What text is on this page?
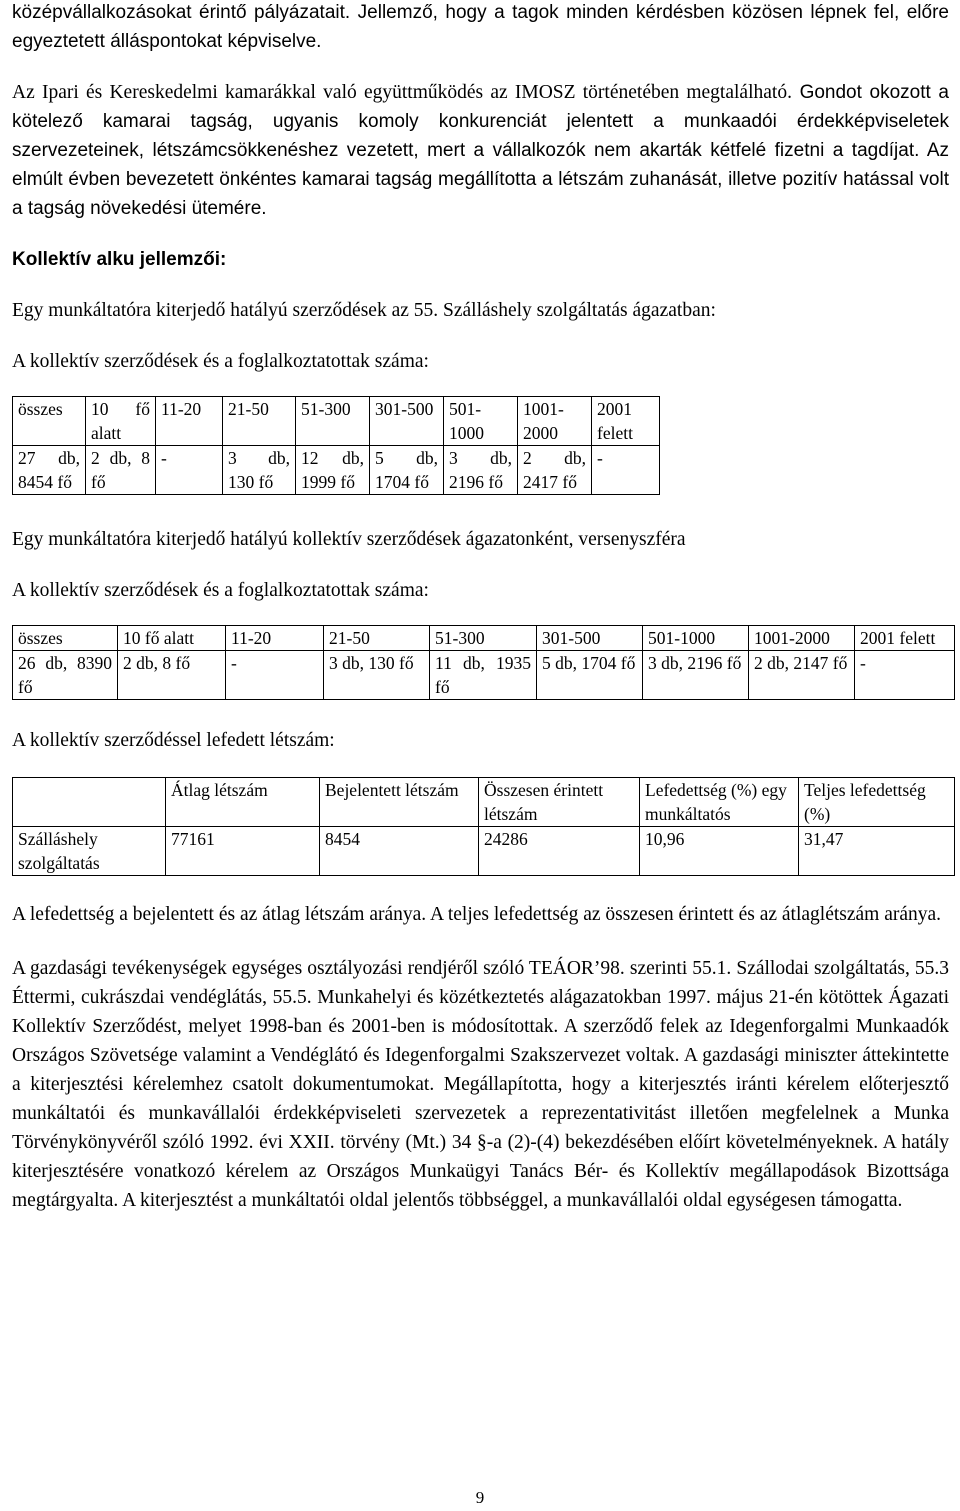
középvállalkozásokat érintő pályázatait. Jellemző, hogy a tagok minden kérdésben közösen lépnek fel, előre egyeztetett álláspontokat képviselve.

Az Ipari és Kereskedelmi kamarákkal való együttműködés az IMOSZ történetében megtalálható. Gondot okozott a kötelező kamarai tagság, ugyanis komoly konkurenciát jelentett a munkaadói érdekképviseletek szervezeteinek, létszámcsökkenéshez vezetett, mert a vállalkozók nem akarták kétfelé fizetni a tagdíjat. Az elmúlt évben bevezetett önkéntes kamarai tagság megállította a létszám zuhanását, illetve pozitív hatással volt a tagság növekedési ütemére.

Kollektív alku jellemzői:

Egy munkáltatóra kiterjedő hatályú szerződések az 55. Szálláshely szolgáltatás ágazatban:

A kollektív szerződések és a foglalkoztatottak száma:

összes	10 fő alatt	11-20	21-50	51-300	301-500	501-1000	1001-2000	2001 felett
27 db, 8454 fő	2 db, 8 fő	-	3 db, 130 fő	12 db, 1999 fő	5 db, 1704 fő	3 db, 2196 fő	2 db, 2417 fő	-

Egy munkáltatóra kiterjedő hatályú kollektív szerződések ágazatonként, versenyszféra

A kollektív szerződések és a foglalkoztatottak száma:

összes	10 fő alatt	11-20	21-50	51-300	301-500	501-1000	1001-2000	2001 felett
26 db, 8390 fő	2 db, 8 fő	-	3 db, 130 fő	11 db, 1935 fő	5 db, 1704 fő	3 db, 2196 fő	2 db, 2147 fő	-

A kollektív szerződéssel lefedett létszám:

	Átlag létszám	Bejelentett létszám	Összesen érintett létszám	Lefedettség (%) egy munkáltatós	Teljes lefedettség (%)
Szálláshely szolgáltatás	77161	8454	24286	10,96	31,47

A lefedettség a bejelentett és az átlag létszám aránya. A teljes lefedettség az összesen érintett és az átlaglétszám aránya.

A gazdasági tevékenységek egységes osztályozási rendjéről szóló TEÁOR’98. szerinti 55.1. Szállodai szolgáltatás, 55.3 Éttermi, cukrászdai vendéglátás, 55.5. Munkahelyi és közétkeztetés alágazatokban 1997. május 21-én kötöttek Ágazati Kollektív Szerződést, melyet 1998-ban és 2001-ben is módosítottak. A szerződő felek az Idegenforgalmi Munkaadók Országos Szövetsége valamint a Vendéglátó és Idegenforgalmi Szakszervezet voltak. A gazdasági miniszter áttekintette a kiterjesztési kérelemhez csatolt dokumentumokat. Megállapította, hogy a kiterjesztés iránti kérelem előterjesztő munkáltatói és munkavállalói érdekképviseleti szervezetek a reprezentativitást illetően megfelelnek a Munka Törvénykönyvéről szóló 1992. évi XXII. törvény (Mt.) 34 §-a (2)-(4) bekezdésében előírt követelményeknek. A hatály kiterjesztésére vonatkozó kérelem az Országos Munkaügyi Tanács Bér- és Kollektív megállapodások Bizottsága megtárgyalta. A kiterjesztést a munkáltatói oldal jelentős többséggel, a munkavállalói oldal egységesen támogatta.

9
